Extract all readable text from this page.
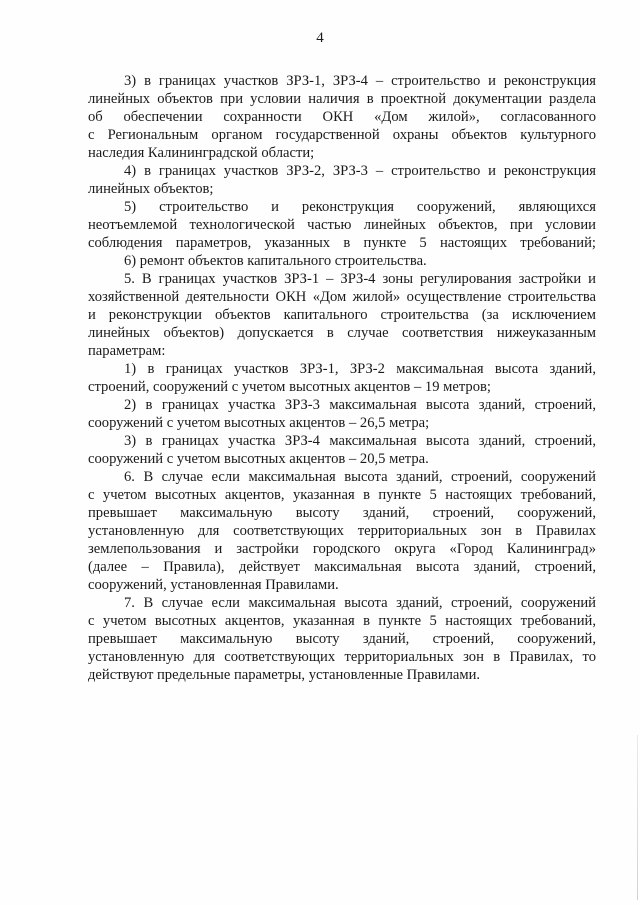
4
3) в границах участков ЗРЗ-1, ЗРЗ-4 – строительство и реконструкция
линейных объектов при условии наличия в проектной документации раздела
об обеспечении сохранности ОКН «Дом жилой», согласованного
с Региональным органом государственной охраны объектов культурного
наследия Калининградской области;
4) в границах участков ЗРЗ-2, ЗРЗ-3 – строительство и реконструкция
линейных объектов;
5) строительство и реконструкция сооружений, являющихся
неотъемлемой технологической частью линейных объектов, при условии
соблюдения параметров, указанных в пункте 5 настоящих требований;
6) ремонт объектов капитального строительства.
5. В границах участков ЗРЗ-1 – ЗРЗ-4 зоны регулирования застройки и
хозяйственной деятельности ОКН «Дом жилой» осуществление строительства
и реконструкции объектов капитального строительства (за исключением
линейных объектов) допускается в случае соответствия нижеуказанным
параметрам:
1) в границах участков ЗРЗ-1, ЗРЗ-2 максимальная высота зданий,
строений, сооружений с учетом высотных акцентов – 19 метров;
2) в границах участка ЗРЗ-3 максимальная высота зданий, строений,
сооружений с учетом высотных акцентов – 26,5 метра;
3) в границах участка ЗРЗ-4 максимальная высота зданий, строений,
сооружений с учетом высотных акцентов – 20,5 метра.
6. В случае если максимальная высота зданий, строений, сооружений
с учетом высотных акцентов, указанная в пункте 5 настоящих требований,
превышает максимальную высоту зданий, строений, сооружений,
установленную для соответствующих территориальных зон в Правилах
землепользования и застройки городского округа «Город Калининград»
(далее – Правила), действует максимальная высота зданий, строений,
сооружений, установленная Правилами.
7. В случае если максимальная высота зданий, строений, сооружений
с учетом высотных акцентов, указанная в пункте 5 настоящих требований,
превышает максимальную высоту зданий, строений, сооружений,
установленную для соответствующих территориальных зон в Правилах, то
действуют предельные параметры, установленные Правилами.
